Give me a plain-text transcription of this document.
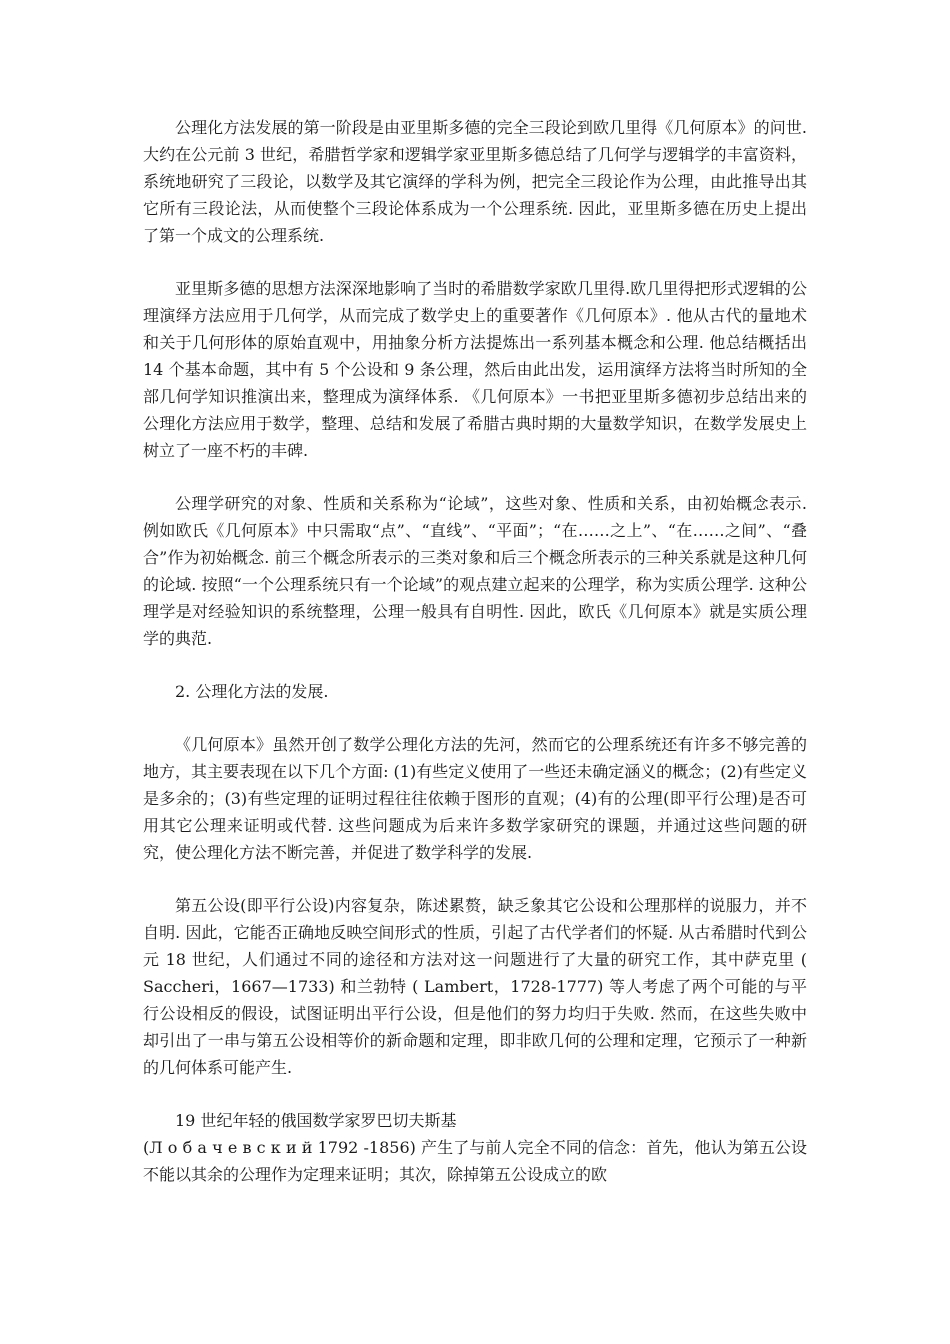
公理化方法发展的第一阶段是由亚里斯多德的完全三段论到欧几里得《几何原本》的问世. 大约在公元前 3 世纪，希腊哲学家和逻辑学家亚里斯多德总结了几何学与逻辑学的丰富资料，系统地研究了三段论，以数学及其它演绎的学科为例，把完全三段论作为公理，由此推导出其它所有三段论法，从而使整个三段论体系成为一个公理系统. 因此，亚里斯多德在历史上提出了第一个成文的公理系统.

亚里斯多德的思想方法深深地影响了当时的希腊数学家欧几里得.欧几里得把形式逻辑的公理演绎方法应用于几何学，从而完成了数学史上的重要著作《几何原本》. 他从古代的量地术和关于几何形体的原始直观中，用抽象分析方法提炼出一系列基本概念和公理. 他总结概括出 14 个基本命题，其中有 5 个公设和 9 条公理，然后由此出发，运用演绎方法将当时所知的全部几何学知识推演出来，整理成为演绎体系. 《几何原本》一书把亚里斯多德初步总结出来的公理化方法应用于数学，整理、总结和发展了希腊古典时期的大量数学知识，在数学发展史上树立了一座不朽的丰碑.

公理学研究的对象、性质和关系称为“论域”，这些对象、性质和关系，由初始概念表示. 例如欧氏《几何原本》中只需取“点”、“直线”、“平面”；“在……之上”、“在……之间”、“叠合”作为初始概念. 前三个概念所表示的三类对象和后三个概念所表示的三种关系就是这种几何的论域. 按照“一个公理系统只有一个论域”的观点建立起来的公理学，称为实质公理学. 这种公理学是对经验知识的系统整理，公理一般具有自明性. 因此，欧氏《几何原本》就是实质公理学的典范.

2. 公理化方法的发展.

《几何原本》虽然开创了数学公理化方法的先河，然而它的公理系统还有许多不够完善的地方，其主要表现在以下几个方面: (1)有些定义使用了一些还未确定涵义的概念；(2)有些定义是多余的；(3)有些定理的证明过程往往依赖于图形的直观；(4)有的公理(即平行公理)是否可用其它公理来证明或代替. 这些问题成为后来许多数学家研究的课题，并通过这些问题的研究，使公理化方法不断完善，并促进了数学科学的发展.

第五公设(即平行公设)内容复杂，陈述累赘，缺乏象其它公设和公理那样的说服力，并不自明. 因此，它能否正确地反映空间形式的性质，引起了古代学者们的怀疑. 从古希腊时代到公元 18 世纪，人们通过不同的途径和方法对这一问题进行了大量的研究工作，其中萨克里 ( Saccheri，1667—1733) 和兰勃特 ( Lambert，1728-1777) 等人考虑了两个可能的与平行公设相反的假设，试图证明出平行公设，但是他们的努力均归于失败. 然而，在这些失败中却引出了一串与第五公设相等价的新命题和定理，即非欧几何的公理和定理，它预示了一种新的几何体系可能产生.

19 世纪年轻的俄国数学家罗巴切夫斯基

(Л о б а ч е в с к и й 1792 -1856) 产生了与前人完全不同的信念：首先，他认为第五公设不能以其余的公理作为定理来证明；其次，除掉第五公设成立的欧
